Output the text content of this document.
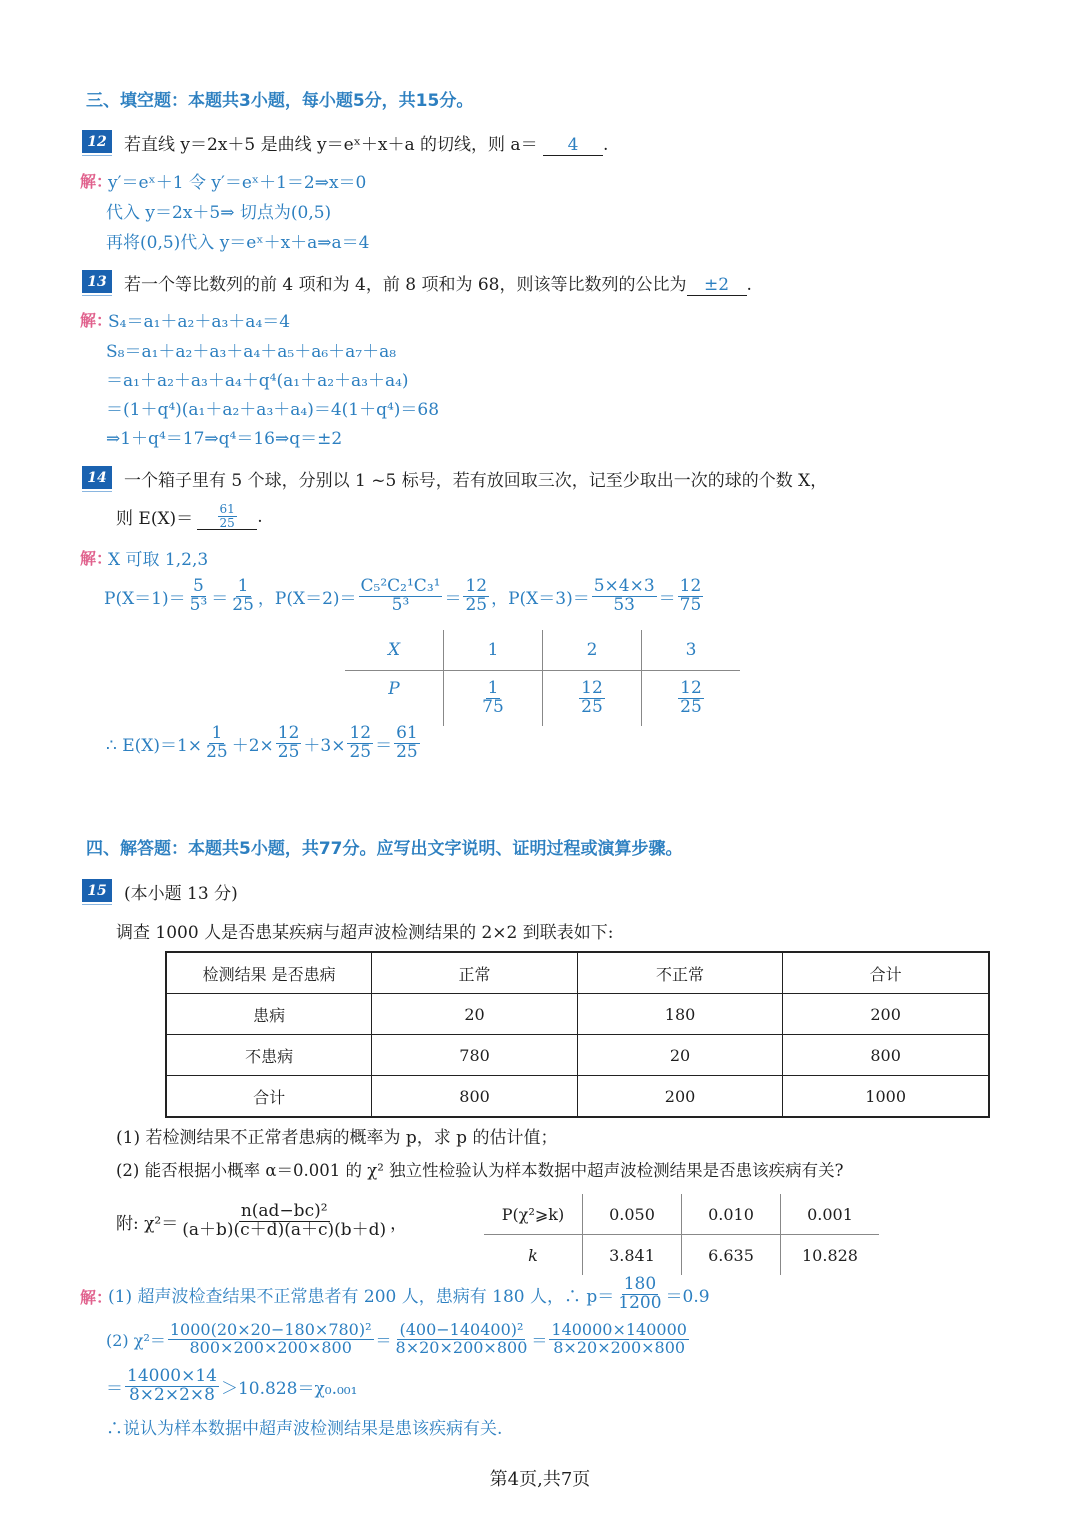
三、填空题：本题共3小题，每小题5分，共15分。
12	若直线 y＝2x＋5 是曲线 y＝eˣ＋x＋a 的切线，则 a＝ 4 .
解：
y′＝eˣ＋1 令 y′＝eˣ＋1＝2⇒x＝0
代入 y＝2x＋5⇒ 切点为(0,5)
再将(0,5)代入 y＝eˣ＋x＋a⇒a＝4
13	若一个等比数列的前 4 项和为 4，前 8 项和为 68，则该等比数列的公比为 ±2 .
解：
S₄＝a₁＋a₂＋a₃＋a₄＝4
S₈＝a₁＋a₂＋a₃＋a₄＋a₅＋a₆＋a₇＋a₈
＝a₁＋a₂＋a₃＋a₄＋q⁴(a₁＋a₂＋a₃＋a₄)
＝(1＋q⁴)(a₁＋a₂＋a₃＋a₄)＝4(1＋q⁴)＝68
⇒1＋q⁴＝17⇒q⁴＝16⇒q＝±2
14	一个箱子里有 5 个球，分别以 1 ~5 标号，若有放回取三次，记至少取出一次的球的个数 X，
则 $E(X)= \frac{61}{25}$ .
解：
X 可取 1,2,3
$P(X=1)= \frac{5}{\text{5³}} = \frac{1}{25}$ ，$P(X=2)= \frac{\text{C₅²C₂¹C₃¹}}{\text{5³}} = \frac{12}{25}$ ，$P(X=3)= \frac{5\times 4\times 3}{53} = \frac{12}{75}$
X	1	2	3
P	$\frac{1}{75}$	$\frac{12}{25}$	$\frac{12}{25}$
∴ $E(X)=1\times \frac{1}{25} +2\times \frac{12}{25} +3\times \frac{12}{25} = \frac{61}{25}$
四、解答题：本题共5小题，共77分。应写出文字说明、证明过程或演算步骤。
15	(本小题 13 分)
调查 1000 人是否患某疾病与超声波检测结果的 2×2 到联表如下:
检测结果 是否患病	正常	不正常	合计
患病	20	180	200
不患病	780	20	800
合计	800	200	1000
(1) 若检测结果不正常者患病的概率为 p，求 p 的估计值；
(2) 能否根据小概率 α＝0.001 的 χ² 独立性检验认为样本数据中超声波检测结果是否患该疾病有关?
附: $\chi^2= \frac{\text{n(ad−bc)²}}{(a+b)(c+d)(a+c)(b+d)}$ ，	P(χ²⩾k)	0.050	0.010	0.001
k	3.841	6.635	10.828
解：
(1) 超声波检查结果不正常患者有 200 人，患病有 180 人，∴ $p= \frac{180}{1200} =0.9$
(2) $\chi^2= \frac{\text{1000(20×20−180×780)²}}{800\times 200\times 200\times 800} = \frac{\text{(400−140400)²}}{8\times 20\times 200\times 800} = \frac{140000\times 140000}{8\times 20\times 200\times 800}$
＝ $\frac{14000\times 14}{8\times 2\times 2\times 8} >10.828=\chi_0._{001}$
∴说认为样本数据中超声波检测结果是患该疾病有关.
第4页,共7页
